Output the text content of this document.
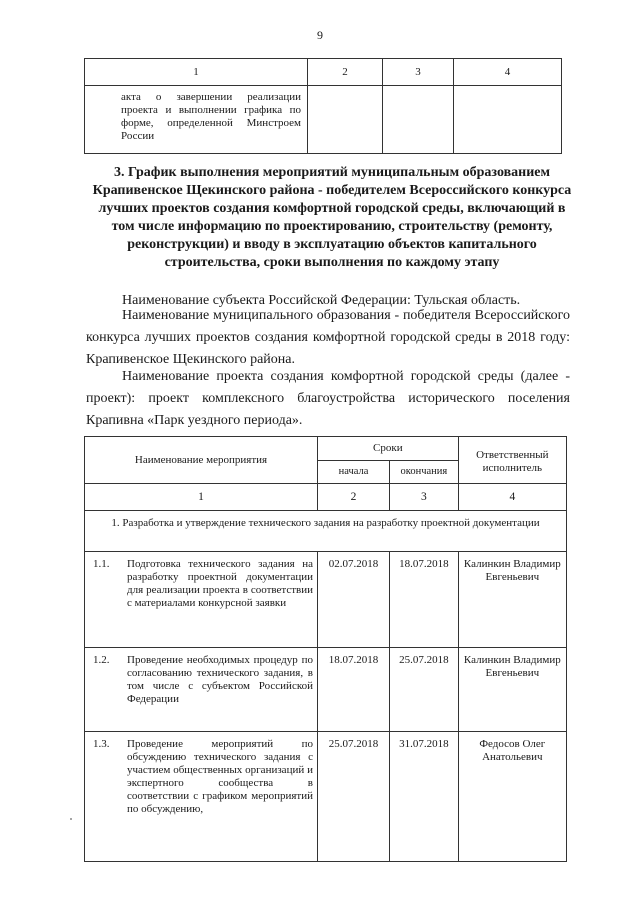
9
1	2	3	4
акта о завершении реализации проекта и выполнении графика по форме, определенной Минстроем России			
3. График выполнения мероприятий муниципальным образованием Крапивенское Щекинского района - победителем Всероссийского конкурса лучших проектов создания комфортной городской среды, включающий в том числе информацию по проектированию, строительству (ремонту, реконструкции) и вводу в эксплуатацию объектов капитального строительства, сроки выполнения по каждому этапу
Наименование субъекта Российской Федерации: Тульская область.
Наименование муниципального образования - победителя Всероссийского конкурса лучших проектов создания комфортной городской среды в 2018 году: Крапивенское Щекинского района.
Наименование проекта создания комфортной городской среды (далее - проект): проект комплексного благоустройства исторического поселения Крапивна «Парк уездного периода».
Наименование мероприятия	Сроки		Ответственный исполнитель
	начала	окончания	
1	2	3	4
1. Разработка и утверждение технического задания на разработку проектной документации			

1.1. Подготовка технического задания на разработку проектной документации для реализации проекта в соответствии с материалами конкурсной заявки	02.07.2018	18.07.2018	Калинкин Владимир Евгеньевич

1.2. Проведение необходимых процедур по согласованию технического задания, в том числе с субъектом Российской Федерации	18.07.2018	25.07.2018	Калинкин Владимир Евгеньевич

1.3. Проведение мероприятий по обсуждению технического задания с участием общественных организаций и экспертного сообщества в соответствии с графиком мероприятий по обсуждению,	25.07.2018	31.07.2018	Федосов Олег Анатольевич
